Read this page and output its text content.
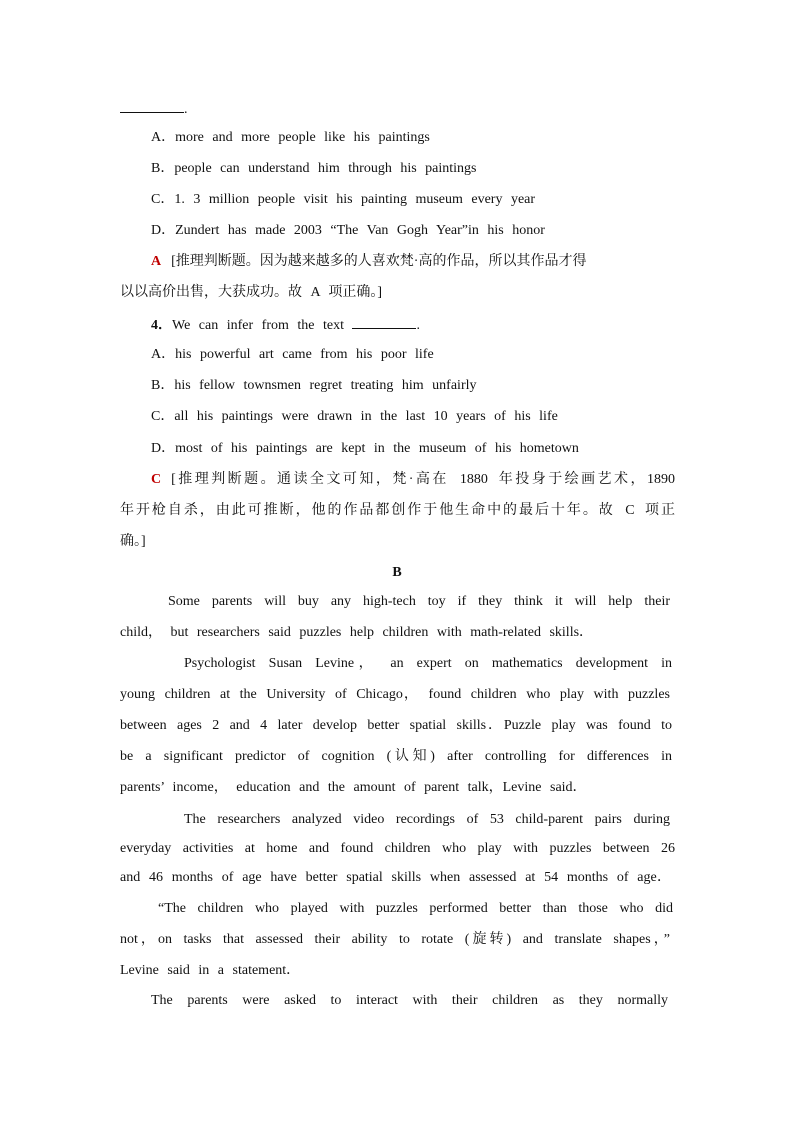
.
A．more and more people like his paintings
B．people can understand him through his paintings
C．1. 3 million people visit his painting museum every year
D．Zundert has made 2003 “The Van Gogh Year”in his honor
A [推理判断题。因为越来越多的人喜欢梵·高的作品，所以其作品才得
以以高价出售，大获成功。故 A 项正确。]
4．We can infer from the text	.
A．his powerful art came from his poor life
B．his fellow townsmen regret treating him unfairly
C．all his paintings were drawn in the last 10 years of his life
D．most of his paintings are kept in the museum of his hometown
C [推理判断题。通读全文可知，梵·高在 1880 年投身于绘画艺术，1890
年开枪自杀，由此可推断，他的作品都创作于他生命中的最后十年。故 C 项正
确。]
B
Some parents will buy any high-tech toy if they think it will help their
child， but researchers said puzzles help children with math-related skills．
Psychologist Susan Levine， an expert on mathematics development in
young children at the University of Chicago， found children who play with puzzles
between ages 2 and 4 later develop better spatial skills．Puzzle play was found to
be a significant predictor of cognition (认知) after controlling for differences in
parents’ income， education and the amount of parent talk，Levine said．
The researchers analyzed video recordings of 53 child-parent pairs during
everyday activities at home and found children who play with puzzles between 26
and 46 months of age have better spatial skills when assessed at 54 months of age．
“The children who played with puzzles performed better than those who did
not，on tasks that assessed their ability to rotate (旋转) and translate shapes，”
Levine said in a statement．
The parents were asked to interact with their children as they normally
